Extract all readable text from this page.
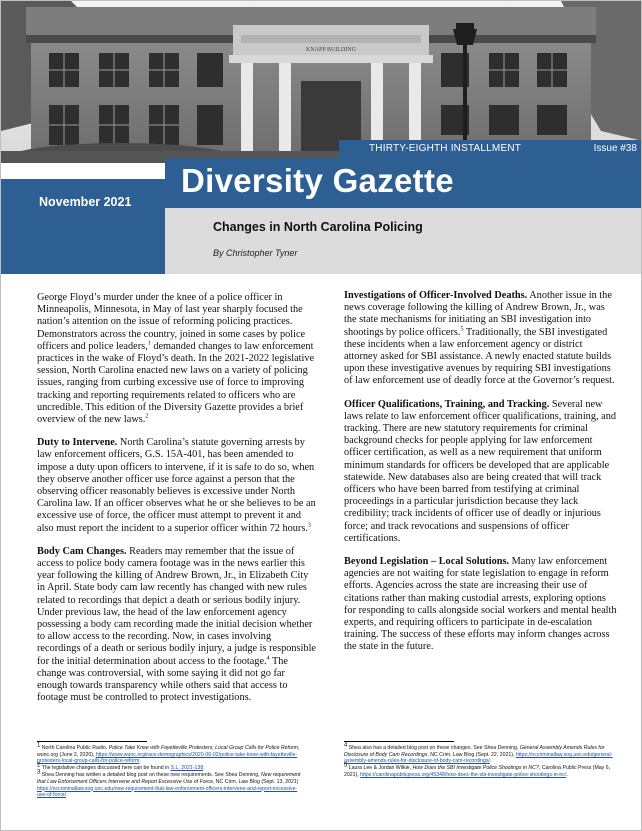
KNAPP BUILDING
THIRTY-EIGHTH INSTALLMENT	Issue #38
Diversity Gazette
November 2021
Changes in North Carolina Policing
By Christopher Tyner

George Floyd’s murder under the knee of a police officer in Minneapolis, Minnesota, in May of last year sharply focused the nation’s attention on the issue of reforming policing practices. Demonstrators across the country, joined in some cases by police officers and police leaders,$^1$ demanded changes to law enforcement practices in the wake of Floyd’s death. In the 2021-2022 legislative session, North Carolina enacted new laws on a variety of policing issues, ranging from curbing excessive use of force to improving tracking and reporting requirements related to officers who are uncredible. This edition of the Diversity Gazette provides a brief overview of the new laws.$^2$

Duty to Intervene. North Carolina’s statute governing arrests by law enforcement officers, G.S. 15A-401, has been amended to impose a duty upon officers to intervene, if it is safe to do so, when they observe another officer use force against a person that the observing officer reasonably believes is excessive under North Carolina law. If an officer observes what he or she believes to be an excessive use of force, the officer must attempt to prevent it and also must report the incident to a superior officer within 72 hours.$^3$

Body Cam Changes. Readers may remember that the issue of access to police body camera footage was in the news earlier this year following the killing of Andrew Brown, Jr., in Elizabeth City in April. State body cam law recently has changed with new rules related to recordings that depict a death or serious bodily injury. Under previous law, the head of the law enforcement agency possessing a body cam recording made the initial decision whether to allow access to the recording. Now, in cases involving recordings of a death or serious bodily injury, a judge is responsible for the initial determination about access to the footage.$^4$ The change was controversial, with some saying it did not go far enough towards transparency while others said that access to footage must be controlled to protect investigations.

Investigations of Officer-Involved Deaths. Another issue in the news coverage following the killing of Andrew Brown, Jr., was the state mechanisms for initiating an SBI investigation into shootings by police officers.$^5$ Traditionally, the SBI investigated these incidents when a law enforcement agency or district attorney asked for SBI assistance. A newly enacted statute builds upon these investigative avenues by requiring SBI investigations of law enforcement use of deadly force at the Governor’s request.

Officer Qualifications, Training, and Tracking. Several new laws relate to law enforcement officer qualifications, training, and tracking. There are new statutory requirements for criminal background checks for people applying for law enforcement officer certification, as well as a new requirement that uniform minimum standards for officers be developed that are applicable statewide. New databases also are being created that will track officers who have been barred from testifying at criminal proceedings in a particular jurisdiction because they lack credibility; track incidents of officer use of deadly or injurious force; and track revocations and suspensions of officer certifications.

Beyond Legislation – Local Solutions. Many law enforcement agencies are not waiting for state legislation to engage in reform efforts. Agencies across the state are increasing their use of citations rather than making custodial arrests, exploring options for responding to calls alongside social workers and mental health experts, and requiring officers to participate in de-escalation training. The success of these efforts may inform changes across the state in the future.

$^1$ North Carolina Public Radio, Police Take Knee with Fayetteville Protesters; Local Group Calls for Police Reform, wunc.org (June 2, 2020), https://www.wunc.org/race-demographics/2020-06-02/police-take-knee-with-fayetteville-protesters-local-group-calls-for-police-reform.
$^2$ The legislative changes discussed here can be found in S.L. 2021-138.
$^3$ Shea Denning has written a detailed blog post on these new requirements. See Shea Denning, New requirement that Law Enforcement Officers Intervene and Report Excessive Use of Force, NC Crim. Law Blog (Sept. 13, 2021) https://nccriminallaw.sog.unc.edu/new-requirement-that-law-enforcement-officers-intervene-and-report-excessive-use-of-force/.
$^4$ Shea also has a detailed blog post on these changes. See Shea Denning, General Assembly Amends Rules for Disclosure of Body Cam Recordings, NC Crim. Law Blog (Sept. 22, 2021), https://nccriminallaw.sog.unc.edu/general-assembly-amends-rules-for-disclosure-of-body-cam-recordings/.
$^5$ Laura Lee & Jordan Wilkie, How Does the SBI Investigate Police Shootings in NC?, Carolina Public Press (May 6, 2021), https://carolinapublicpress.org/45348/how-does-the-sbi-investigate-police-shootings-in-nc/.
